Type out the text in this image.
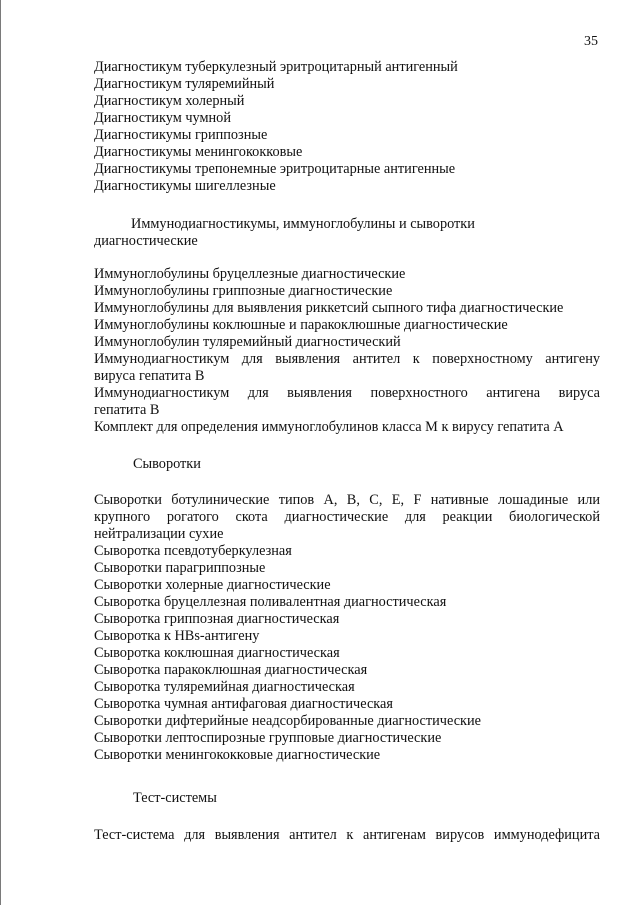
35
Диагностикум туберкулезный эритроцитарный антигенный
Диагностикум туляремийный
Диагностикум холерный
Диагностикум чумной
Диагностикумы гриппозные
Диагностикумы менингококковые
Диагностикумы трепонемные эритроцитарные антигенные
Диагностикумы шигеллезные
Иммунодиагностикумы, иммуноглобулины и сыворотки
диагностические
Иммуноглобулины бруцеллезные диагностические
Иммуноглобулины гриппозные диагностические
Иммуноглобулины для выявления риккетсий сыпного тифа диагностические
Иммуноглобулины коклюшные и паракоклюшные диагностические
Иммуноглобулин туляремийный диагностический
Иммунодиагностикум для выявления антител к поверхностному антигену
вируса гепатита В
Иммунодиагностикум для выявления поверхностного антигена вируса
гепатита В
Комплект для определения иммуноглобулинов класса М к вирусу гепатита А
Сыворотки
Сыворотки ботулинические типов А, В, С, Е, F нативные лошадиные или
крупного рогатого скота диагностические для реакции биологической
нейтрализации сухие
Сыворотка псевдотуберкулезная
Сыворотки парагриппозные
Сыворотки холерные диагностические
Сыворотка бруцеллезная поливалентная диагностическая
Сыворотка гриппозная диагностическая
Сыворотка к HBs-антигену
Сыворотка коклюшная диагностическая
Сыворотка паракоклюшная диагностическая
Сыворотка туляремийная диагностическая
Сыворотка чумная антифаговая диагностическая
Сыворотки дифтерийные неадсорбированные диагностические
Сыворотки лептоспирозные групповые диагностические
Сыворотки менингококковые диагностические
Тест-системы
Тест-система для выявления антител к антигенам вирусов иммунодефицита
